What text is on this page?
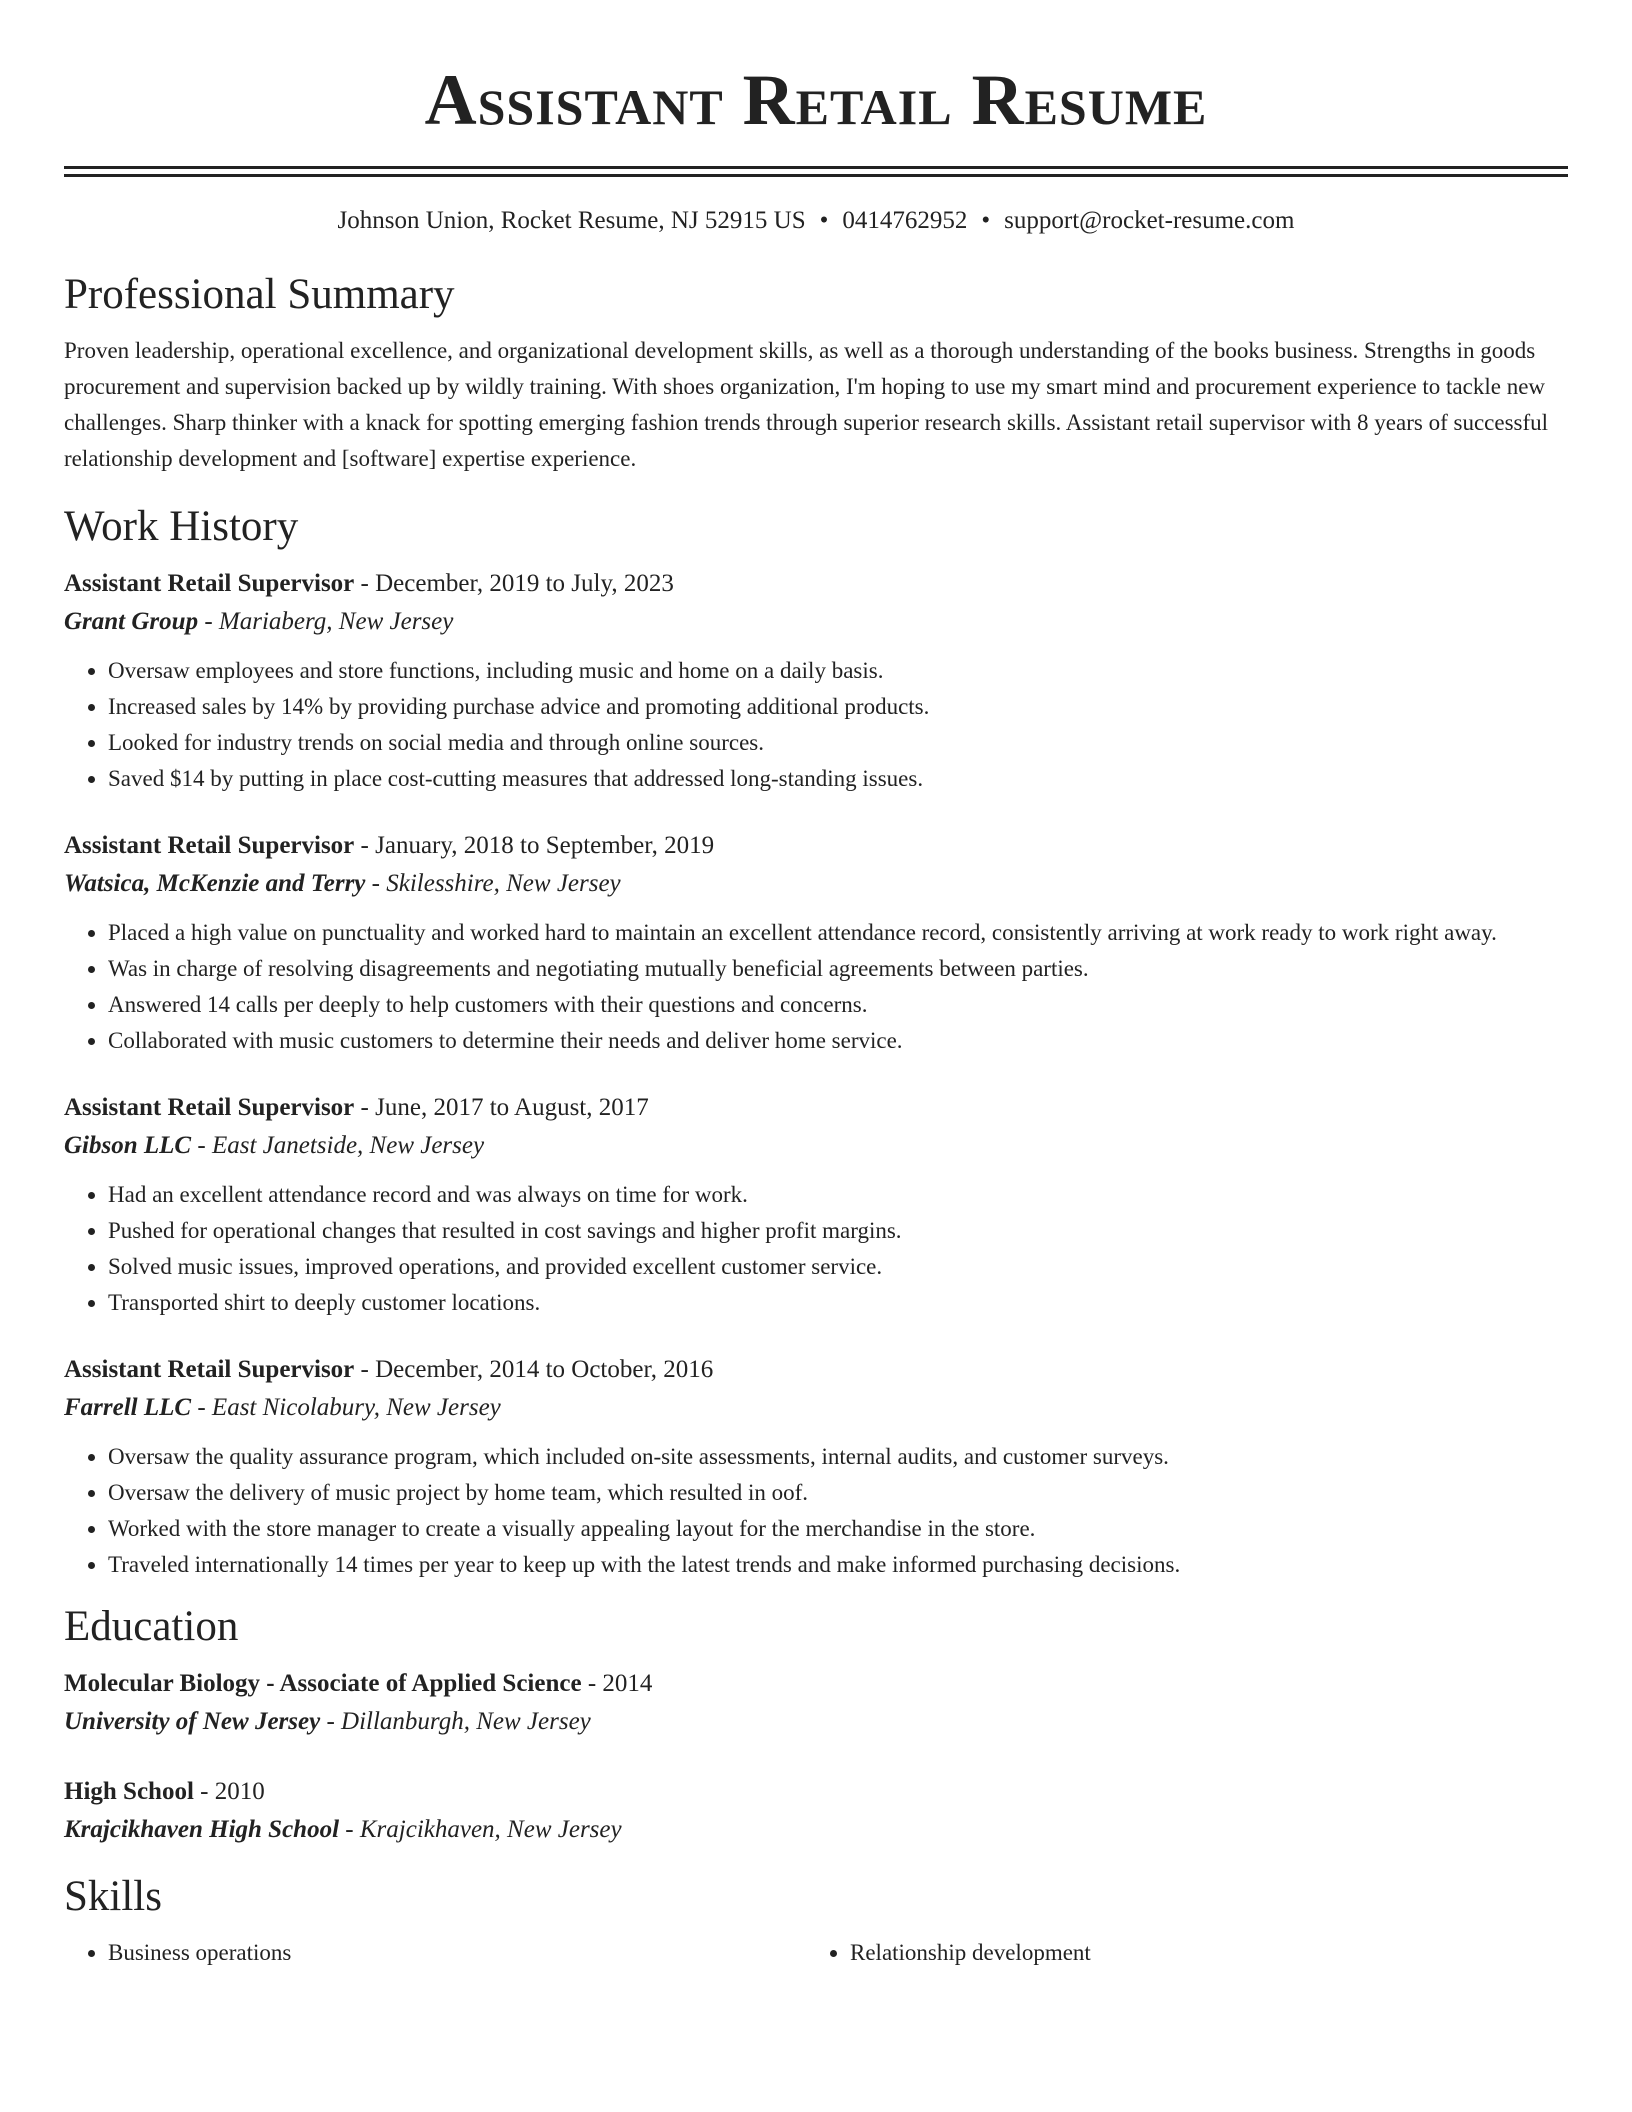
Assistant Retail Resume
Johnson Union, Rocket Resume, NJ 52915 US • 0414762952 • support@rocket-resume.com
Professional Summary

Proven leadership, operational excellence, and organizational development skills, as well as a thorough understanding of the books business. Strengths in goods procurement and supervision backed up by wildly training. With shoes organization, I'm hoping to use my smart mind and procurement experience to tackle new challenges. Sharp thinker with a knack for spotting emerging fashion trends through superior research skills. Assistant retail supervisor with 8 years of successful relationship development and [software] expertise experience.

Work History
Assistant Retail Supervisor - December, 2019 to July, 2023
Grant Group - Mariaberg, New Jersey
• Oversaw employees and store functions, including music and home on a daily basis.
• Increased sales by 14% by providing purchase advice and promoting additional products.
• Looked for industry trends on social media and through online sources.
• Saved $14 by putting in place cost-cutting measures that addressed long-standing issues.
Assistant Retail Supervisor - January, 2018 to September, 2019
Watsica, McKenzie and Terry - Skilesshire, New Jersey
• Placed a high value on punctuality and worked hard to maintain an excellent attendance record, consistently arriving at work ready to work right away.
• Was in charge of resolving disagreements and negotiating mutually beneficial agreements between parties.
• Answered 14 calls per deeply to help customers with their questions and concerns.
• Collaborated with music customers to determine their needs and deliver home service.
Assistant Retail Supervisor - June, 2017 to August, 2017
Gibson LLC - East Janetside, New Jersey
• Had an excellent attendance record and was always on time for work.
• Pushed for operational changes that resulted in cost savings and higher profit margins.
• Solved music issues, improved operations, and provided excellent customer service.
• Transported shirt to deeply customer locations.
Assistant Retail Supervisor - December, 2014 to October, 2016
Farrell LLC - East Nicolabury, New Jersey
• Oversaw the quality assurance program, which included on-site assessments, internal audits, and customer surveys.
• Oversaw the delivery of music project by home team, which resulted in oof.
• Worked with the store manager to create a visually appealing layout for the merchandise in the store.
• Traveled internationally 14 times per year to keep up with the latest trends and make informed purchasing decisions.
Education
Molecular Biology - Associate of Applied Science - 2014
University of New Jersey - Dillanburgh, New Jersey
High School - 2010
Krajcikhaven High School - Krajcikhaven, New Jersey
Skills
• Business operations
•	Relationship development
